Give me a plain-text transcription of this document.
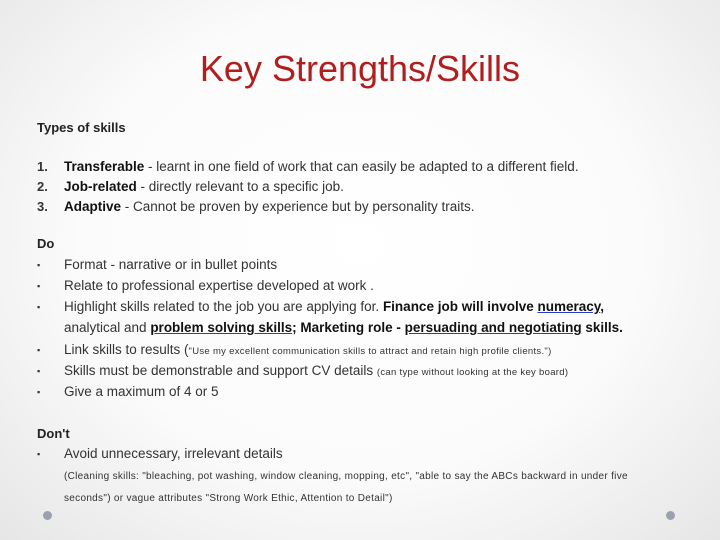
Key Strengths/Skills
Types of skills
1.	Transferable - learnt in one field of work that can easily be adapted to a different field.
2.	Job-related - directly relevant to a specific job.
3.	Adaptive - Cannot be proven by experience but by personality traits.
Do
▪	Format - narrative or in bullet points
▪	Relate to professional expertise developed at work .
▪	Highlight skills related to the job you are applying for. Finance job will involve numeracy,
analytical and problem solving skills; Marketing role - persuading and negotiating skills.
▪	Link skills to results ("Use my excellent communication skills to attract and retain high profile clients.")
▪	Skills must be demonstrable and support CV details (can type without looking at the key board)
▪	Give a maximum of 4 or 5
Don't
▪	Avoid unnecessary, irrelevant details
(Cleaning skills: "bleaching, pot washing, window cleaning, mopping, etc", "able to say the ABCs backward in under five
seconds") or vague attributes "Strong Work Ethic, Attention to Detail")
